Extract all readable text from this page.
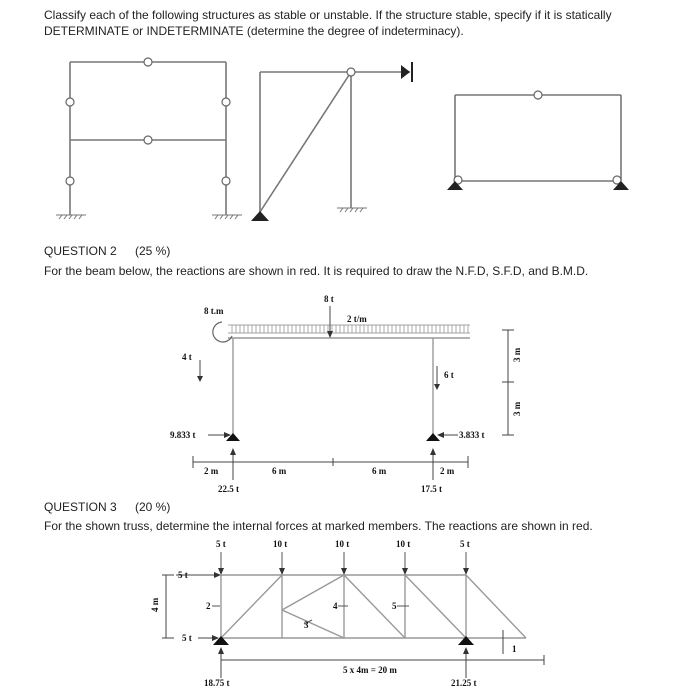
Classify each of the following structures as stable or unstable. If the structure stable, specify if it is statically
DETERMINATE or INDETERMINATE (determine the degree of indeterminacy).
QUESTION 2 (25 %)
For the beam below, the reactions are shown in red. It is required to draw the N.F.D, S.F.D, and B.M.D.
8 t.m
8 t
2 t/m
4 t
6 t
9.833 t	3.833 t
22.5 t	17.5 t
2 m	6 m	6 m	2 m
3 m
3 m
QUESTION 3 (20 %)
For the shown truss, determine the internal forces at marked members. The reactions are shown in red.
5 t	10 t	10 t	10 t	5 t
5 t
5 t
4 m
1
2
3
4	5
5 x 4m = 20 m
18.75 t	21.25 t
